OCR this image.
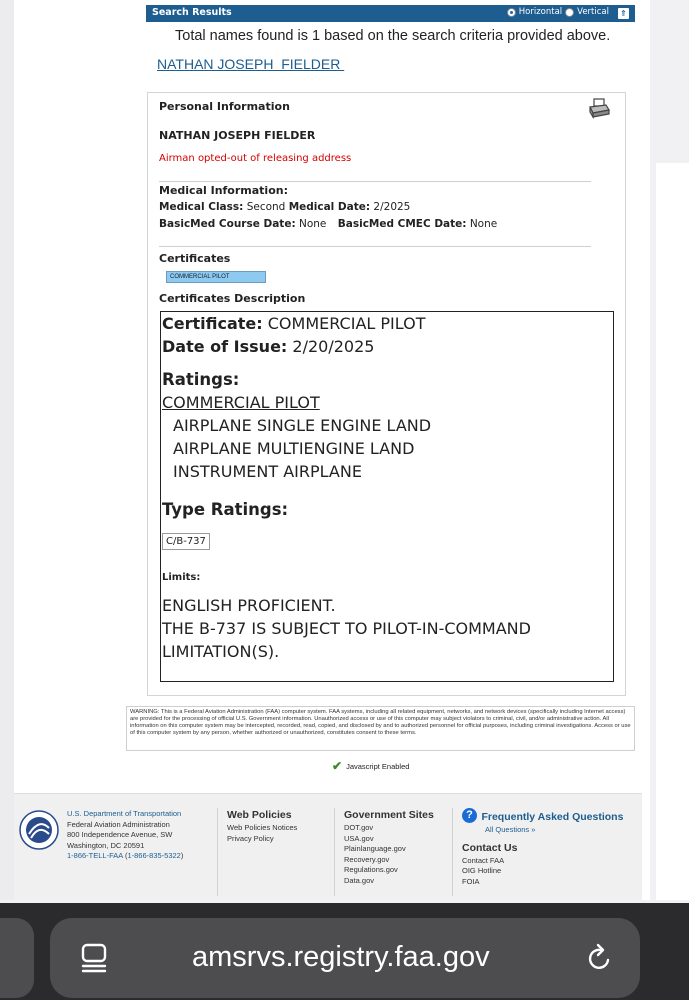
Search Results	Horizontal Vertical ⇑
Total names found is 1 based on the search criteria provided above.
NATHAN JOSEPH  FIELDER
Personal Information
NATHAN JOSEPH FIELDER
Airman opted-out of releasing address
Medical Information:
Medical Class: Second Medical Date: 2/2025
BasicMed Course Date: None BasicMed CMEC Date: None
Certificates
COMMERCIAL PILOT
Certificates Description
Certificate: COMMERCIAL PILOT
Date of Issue: 2/20/2025
Ratings:
COMMERCIAL PILOT
AIRPLANE SINGLE ENGINE LAND
AIRPLANE MULTIENGINE LAND
INSTRUMENT AIRPLANE
Type Ratings:
C/B-737
Limits:
ENGLISH PROFICIENT.
THE B-737 IS SUBJECT TO PILOT-IN-COMMAND
LIMITATION(S).
WARNING: This is a Federal Aviation Administration (FAA) computer system. FAA systems, including all related equipment, networks, and network devices (specifically including Internet access) are provided for the processing of official U.S. Government information. Unauthorized access or use of this computer may subject violators to criminal, civil, and/or administrative action. All information on this computer system may be intercepted, recorded, read, copied, and disclosed by and to authorized personnel for official purposes, including criminal investigations. Access or use of this computer system by any person, whether authorized or unauthorized, constitutes consent to these terms.
✔ Javascript Enabled
U.S. Department of Transportation
Federal Aviation Administration
800 Independence Avenue, SW
Washington, DC 20591
1-866-TELL-FAA (1-866-835-5322)
Web Policies
Web Policies Notices
Privacy Policy
Government Sites
DOT.gov
USA.gov
Plainlanguage.gov
Recovery.gov
Regulations.gov
Data.gov
? Frequently Asked Questions
All Questions »
Contact Us
Contact FAA
OIG Hotline
FOIA
amsrvs.registry.faa.gov
